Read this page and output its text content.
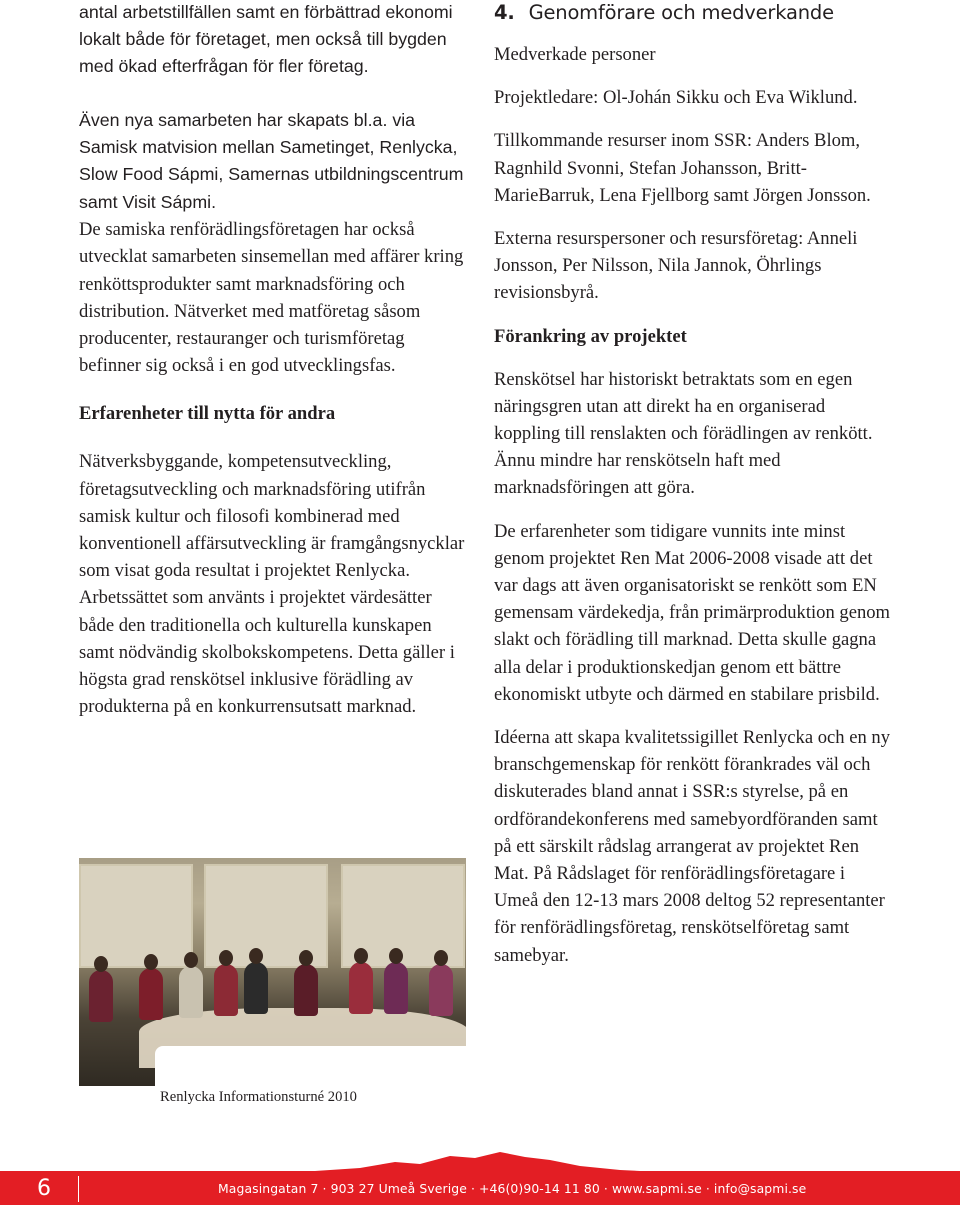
antal arbetstillfällen samt en förbättrad ekonomi lokalt både för företaget, men också till bygden med ökad efterfrågan för fler företag.

Även nya samarbeten har skapats bl.a. via Samisk matvision mellan Sametinget, Renlycka, Slow Food Sápmi, Samernas utbildningscentrum samt Visit Sápmi.

De samiska renförädlingsföretagen har också utvecklat samarbeten sinsemellan med affärer kring renköttsprodukter samt marknadsföring och distribution. Nätverket med matföretag såsom producenter, restauranger och turismföretag befinner sig också i en god utvecklingsfas.

Erfarenheter till nytta för andra

Nätverksbyggande, kompetensutveckling, företagsutveckling och marknadsföring utifrån samisk kultur och filosofi kombinerad med konventionell affärsutveckling är framgångsnycklar som visat goda resultat i projektet Renlycka. Arbetssättet som använts i projektet värdesätter både den traditionella och kulturella kunskapen samt nödvändig skolbokskompetens. Detta gäller i högsta grad renskötsel inklusive förädling av produkterna på en konkurrensutsatt marknad.

Renlycka Informationsturné 2010
4. Genomförare och medverkande

Medverkade personer

Projektledare: Ol-Johán Sikku och Eva Wiklund.

Tillkommande resurser inom SSR: Anders Blom, Ragnhild Svonni, Stefan Johansson, Britt-MarieBarruk, Lena Fjellborg samt Jörgen Jonsson.

Externa resurspersoner och resursföretag: Anneli Jonsson, Per Nilsson, Nila Jannok, Öhrlings revisionsbyrå.

Förankring av projektet

Renskötsel har historiskt betraktats som en egen näringsgren utan att direkt ha en organiserad koppling till renslakten och förädlingen av renkött. Ännu mindre har renskötseln haft med marknadsföringen att göra.

De erfarenheter som tidigare vunnits inte minst genom projektet Ren Mat 2006-2008 visade att det var dags att även organisatoriskt se renkött som EN gemensam värdekedja, från primärproduktion genom slakt och förädling till marknad. Detta skulle gagna alla delar i produktionskedjan genom ett bättre ekonomiskt utbyte och därmed en stabilare prisbild.

Idéerna att skapa kvalitetssigillet Renlycka och en ny branschgemenskap för renkött förankrades väl och diskuterades bland annat i SSR:s styrelse, på en ordförandekonferens med samebyordföranden samt på ett särskilt rådslag arrangerat av projektet Ren Mat. På Rådslaget för renförädlingsföretagare i Umeå den 12-13 mars 2008 deltog 52 representanter för renförädlingsföretag, renskötselföretag samt samebyar.

6	Magasingatan 7 · 903 27 Umeå Sverige · +46(0)90-14 11 80 · www.sapmi.se · info@sapmi.se
